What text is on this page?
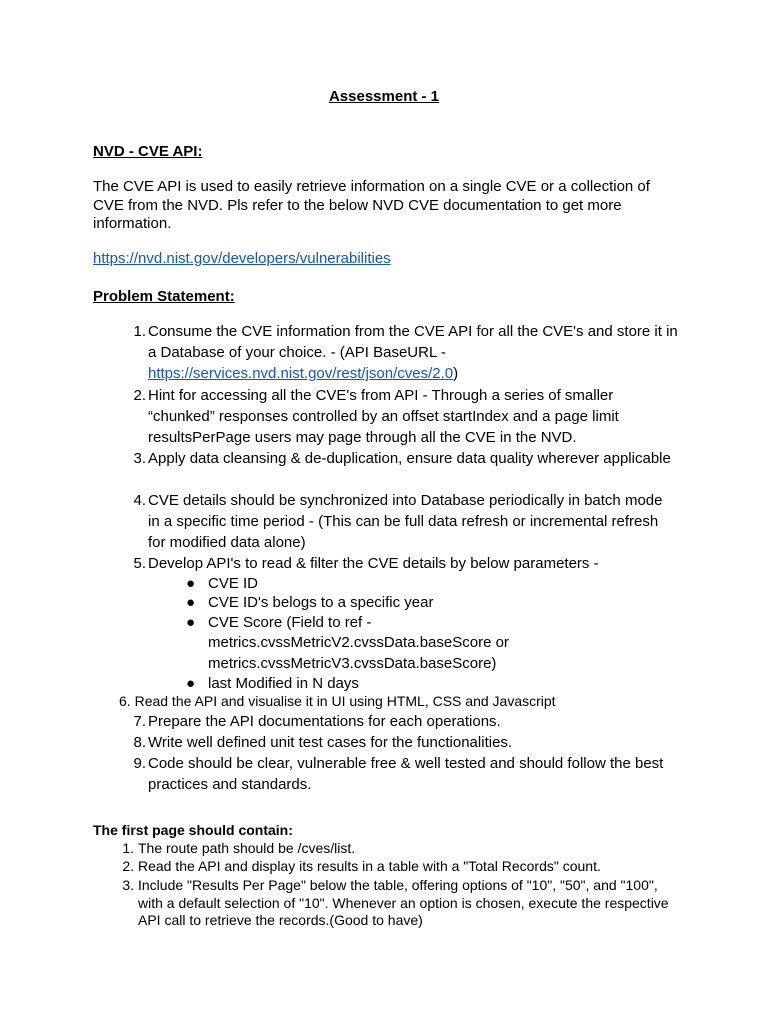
Assessment - 1
NVD - CVE API:
The CVE API is used to easily retrieve information on a single CVE or a collection of CVE from the NVD. Pls refer to the below NVD CVE documentation to get more information.
https://nvd.nist.gov/developers/vulnerabilities
Problem Statement:
1. Consume the CVE information from the CVE API for all the CVE's and store it in a Database of your choice. - (API BaseURL - https://services.nvd.nist.gov/rest/json/cves/2.0)
2. Hint for accessing all the CVE's from API - Through a series of smaller “chunked” responses controlled by an offset startIndex and a page limit resultsPerPage users may page through all the CVE in the NVD.
3. Apply data cleansing & de-duplication, ensure data quality wherever applicable
4. CVE details should be synchronized into Database periodically in batch mode in a specific time period - (This can be full data refresh or incremental refresh for modified data alone)
5. Develop API's to read & filter the CVE details by below parameters -
● CVE ID
● CVE ID's belogs to a specific year
● CVE Score (Field to ref - metrics.cvssMetricV2.cvssData.baseScore or metrics.cvssMetricV3.cvssData.baseScore)
● last Modified in N days
6. Read the API and visualise it in UI using HTML, CSS and Javascript
7. Prepare the API documentations for each operations.
8. Write well defined unit test cases for the functionalities.
9. Code should be clear, vulnerable free & well tested and should follow the best practices and standards.
The first page should contain:
1. The route path should be /cves/list.
2. Read the API and display its results in a table with a "Total Records" count.
3. Include "Results Per Page" below the table, offering options of "10", "50", and "100", with a default selection of "10". Whenever an option is chosen, execute the respective API call to retrieve the records.(Good to have)
